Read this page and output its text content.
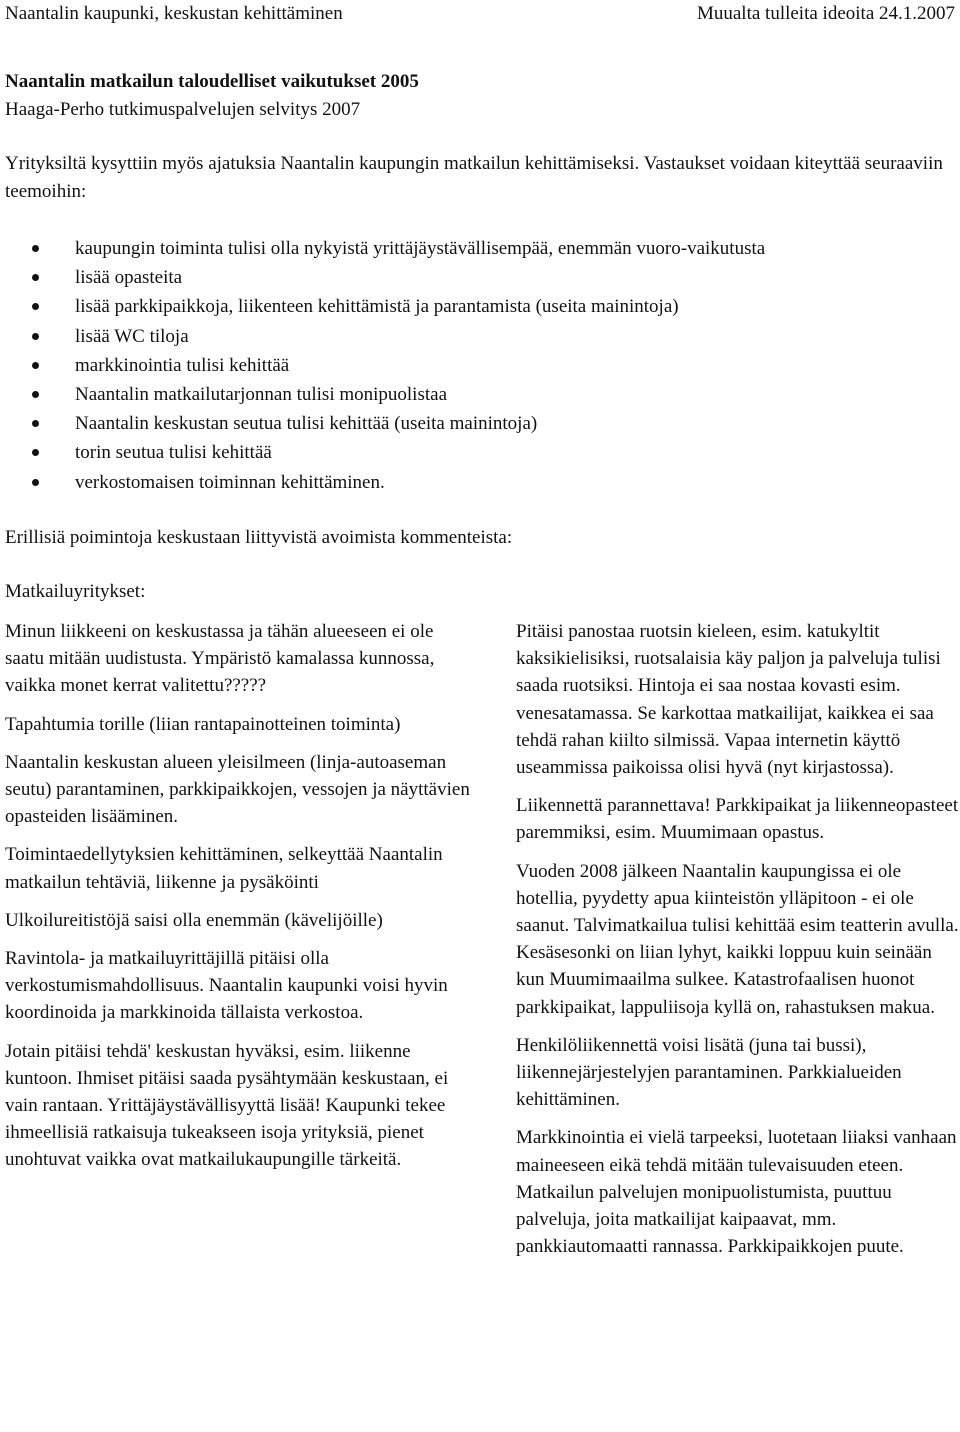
Naantalin kaupunki, keskustan kehittäminen	Muualta tulleita ideoita 24.1.2007

Naantalin matkailun taloudelliset vaikutukset 2005

Haaga-Perho tutkimuspalvelujen selvitys 2007

Yrityksiltä kysyttiin myös ajatuksia Naantalin kaupungin matkailun kehittämiseksi. Vastaukset voidaan kiteyttää seuraaviin teemoihin:

kaupungin toiminta tulisi olla nykyistä yrittäjäystävällisempää, enemmän vuoro-vaikutusta
lisää opasteita
lisää parkkipaikkoja, liikenteen kehittämistä ja parantamista (useita mainintoja)
lisää WC tiloja
markkinointia tulisi kehittää
Naantalin matkailutarjonnan tulisi monipuolistaa
Naantalin keskustan seutua tulisi kehittää (useita mainintoja)
torin seutua tulisi kehittää
verkostomaisen toiminnan kehittäminen.

Erillisiä poimintoja keskustaan liittyvistä avoimista kommenteista:

Matkailuyritykset:

Minun liikkeeni on keskustassa ja tähän alueeseen ei ole saatu mitään uudistusta. Ympäristö kamalassa kunnossa, vaikka monet kerrat valitettu?????

Tapahtumia torille (liian rantapainotteinen toiminta)

Naantalin keskustan alueen yleisilmeen (linja-autoaseman seutu) parantaminen, parkkipaikkojen, vessojen ja näyttävien opasteiden lisääminen.

Toimintaedellytyksien kehittäminen, selkeyttää Naantalin matkailun tehtäviä, liikenne ja pysäköinti

Ulkoilureitistöjä saisi olla enemmän (kävelijöille)

Ravintola- ja matkailuyrittäjillä pitäisi olla verkostumismahdollisuus. Naantalin kaupunki voisi hyvin koordinoida ja markkinoida tällaista verkostoa.

Jotain pitäisi tehdä' keskustan hyväksi, esim. liikenne kuntoon. Ihmiset pitäisi saada pysähtymään keskustaan, ei vain rantaan. Yrittäjäystävällisyyttä lisää! Kaupunki tekee ihmeellisiä ratkaisuja tukeakseen isoja yrityksiä, pienet unohtuvat vaikka ovat matkailukaupungille tärkeitä.

Pitäisi panostaa ruotsin kieleen, esim. katukyltit kaksikielisiksi, ruotsalaisia käy paljon ja palveluja tulisi saada ruotsiksi. Hintoja ei saa nostaa kovasti esim. venesatamassa. Se karkottaa matkailijat, kaikkea ei saa tehdä rahan kiilto silmissä. Vapaa internetin käyttö useammissa paikoissa olisi hyvä (nyt kirjastossa).

Liikennettä parannettava! Parkkipaikat ja liikenneopasteet paremmiksi, esim. Muumimaan opastus.

Vuoden 2008 jälkeen Naantalin kaupungissa ei ole hotellia, pyydetty apua kiinteistön ylläpitoon - ei ole saanut. Talvimatkailua tulisi kehittää esim teatterin avulla. Kesäsesonki on liian lyhyt, kaikki loppuu kuin seinään kun Muumimaailma sulkee. Katastrofaalisen huonot parkkipaikat, lappuliisoja kyllä on, rahastuksen makua.

Henkilöliikennettä voisi lisätä (juna tai bussi), liikennejärjestelyjen parantaminen. Parkkialueiden kehittäminen.

Markkinointia ei vielä tarpeeksi, luotetaan liiaksi vanhaan maineeseen eikä tehdä mitään tulevaisuuden eteen. Matkailun palvelujen monipuolistumista, puuttuu palveluja, joita matkailijat kaipaavat, mm. pankkiautomaatti rannassa. Parkkipaikkojen puute.
